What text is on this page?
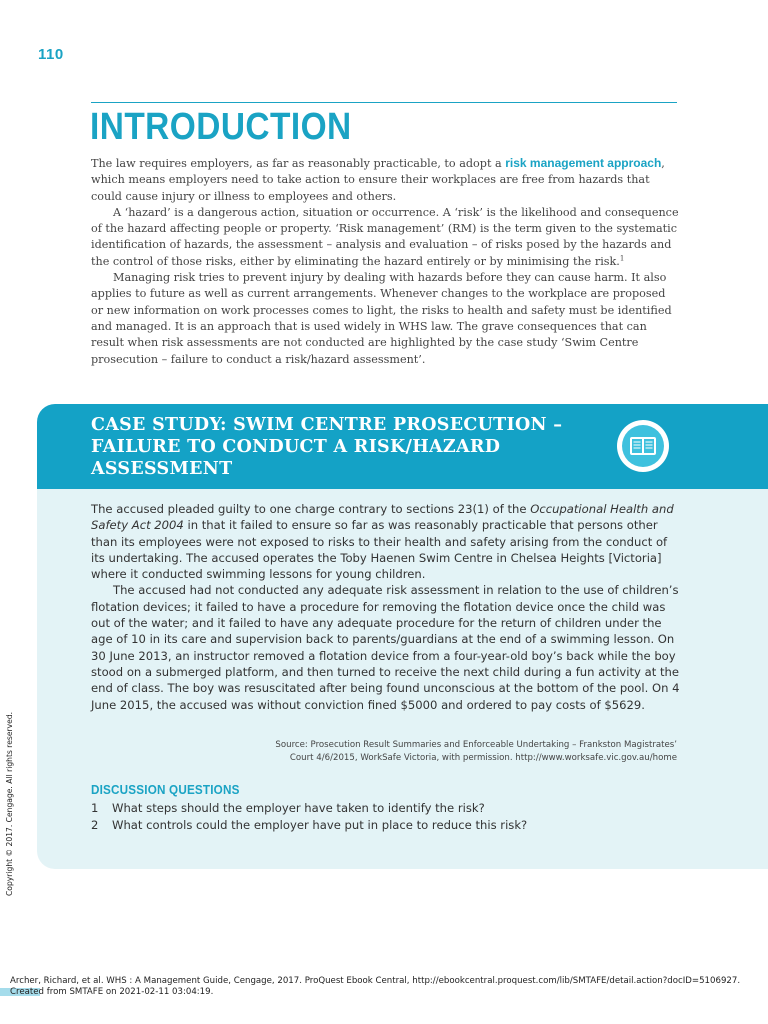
110
INTRODUCTION

The law requires employers, as far as reasonably practicable, to adopt a risk management approach, which means employers need to take action to ensure their workplaces are free from hazards that could cause injury or illness to employees and others.

A ‘hazard’ is a dangerous action, situation or occurrence. A ‘risk’ is the likelihood and consequence of the hazard affecting people or property. ‘Risk management’ (RM) is the term given to the systematic identification of hazards, the assessment – analysis and evaluation – of risks posed by the hazards and the control of those risks, either by eliminating the hazard entirely or by minimising the risk.$^1$

Managing risk tries to prevent injury by dealing with hazards before they can cause harm. It also applies to future as well as current arrangements. Whenever changes to the workplace are proposed or new information on work processes comes to light, the risks to health and safety must be identified and managed. It is an approach that is used widely in WHS law. The grave consequences that can result when risk assessments are not conducted are highlighted by the case study ‘Swim Centre prosecution – failure to conduct a risk/hazard assessment’.

CASE STUDY: SWIM CENTRE PROSECUTION –
FAILURE TO CONDUCT A RISK/HAZARD
ASSESSMENT

The accused pleaded guilty to one charge contrary to sections 23(1) of the Occupational Health and Safety Act 2004 in that it failed to ensure so far as was reasonably practicable that persons other than its employees were not exposed to risks to their health and safety arising from the conduct of its undertaking. The accused operates the Toby Haenen Swim Centre in Chelsea Heights [Victoria] where it conducted swimming lessons for young children.

The accused had not conducted any adequate risk assessment in relation to the use of children’s flotation devices; it failed to have a procedure for removing the flotation device once the child was out of the water; and it failed to have any adequate procedure for the return of children under the age of 10 in its care and supervision back to parents/guardians at the end of a swimming lesson. On 30 June 2013, an instructor removed a flotation device from a four-year-old boy’s back while the boy stood on a submerged platform, and then turned to receive the next child during a fun activity at the end of class. The boy was resuscitated after being found unconscious at the bottom of the pool. On 4 June 2015, the accused was without conviction fined $5000 and ordered to pay costs of $5629.

Source: Prosecution Result Summaries and Enforceable Undertaking – Frankston Magistrates’
Court 4/6/2015, WorkSafe Victoria, with permission. http://www.worksafe.vic.gov.au/home
DISCUSSION QUESTIONS
1	What steps should the employer have taken to identify the risk?
2	What controls could the employer have put in place to reduce this risk?
Copyright © 2017. Cengage. All rights reserved.
Archer, Richard, et al. WHS : A Management Guide, Cengage, 2017. ProQuest Ebook Central, http://ebookcentral.proquest.com/lib/SMTAFE/detail.action?docID=5106927.
Created from SMTAFE on 2021-02-11 03:04:19.
